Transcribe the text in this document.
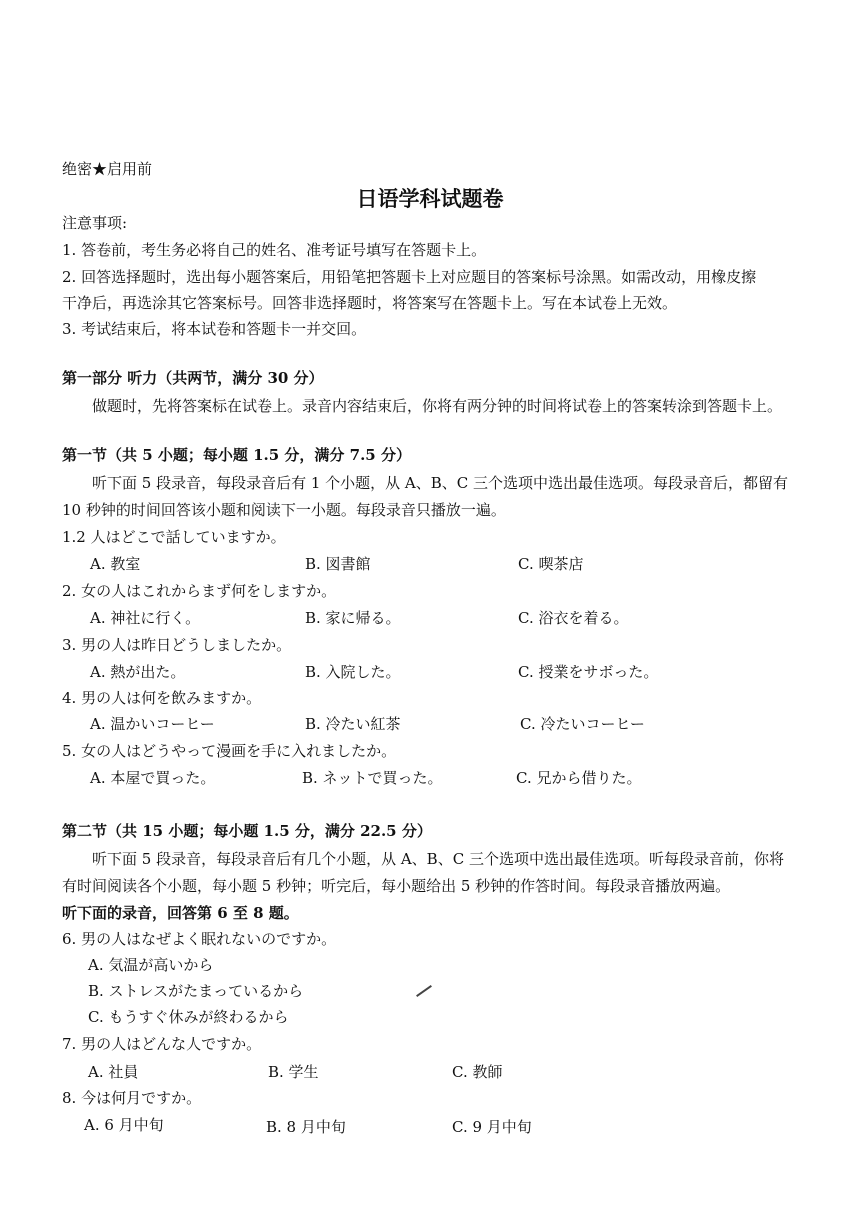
绝密★启用前
日语学科试题卷
注意事项:
1. 答卷前，考生务必将自己的姓名、准考证号填写在答题卡上。
2. 回答选择题时，选出每小题答案后，用铅笔把答题卡上对应题目的答案标号涂黑。如需改动，用橡皮擦
干净后，再选涂其它答案标号。回答非选择题时，将答案写在答题卡上。写在本试卷上无效。
3. 考试结束后，将本试卷和答题卡一并交回。
第一部分 听力（共两节，满分 30 分）
做题时，先将答案标在试卷上。录音内容结束后，你将有两分钟的时间将试卷上的答案转涂到答题卡上。
第一节（共 5 小题；每小题 1.5 分，满分 7.5 分）
听下面 5 段录音，每段录音后有 1 个小题，从 A、B、C 三个选项中选出最佳选项。每段录音后，都留有
10 秒钟的时间回答该小题和阅读下一小题。每段录音只播放一遍。
1.2 人はどこで話していますか。
A. 教室	B. 図書館	C. 喫茶店
2. 女の人はこれからまず何をしますか。
A. 神社に行く。	B. 家に帰る。	C. 浴衣を着る。
3. 男の人は昨日どうしましたか。
A. 熱が出た。	B. 入院した。	C. 授業をサボった。
4. 男の人は何を飲みますか。
A. 温かいコーヒー	B. 冷たい紅茶	C. 冷たいコーヒー
5. 女の人はどうやって漫画を手に入れましたか。
A. 本屋で買った。	B. ネットで買った。	C. 兄から借りた。
第二节（共 15 小题；每小题 1.5 分，满分 22.5 分）
听下面 5 段录音，每段录音后有几个小题，从 A、B、C 三个选项中选出最佳选项。听每段录音前，你将
有时间阅读各个小题，每小题 5 秒钟；听完后，每小题给出 5 秒钟的作答时间。每段录音播放两遍。
听下面的录音，回答第 6 至 8 题。
6. 男の人はなぜよく眠れないのですか。
A. 気温が高いから
B. ストレスがたまっているから
C. もうすぐ休みが終わるから
7. 男の人はどんな人ですか。
A. 社員	B. 学生	C. 教師
8. 今は何月ですか。
A. 6 月中旬	B. 8 月中旬	C. 9 月中旬
